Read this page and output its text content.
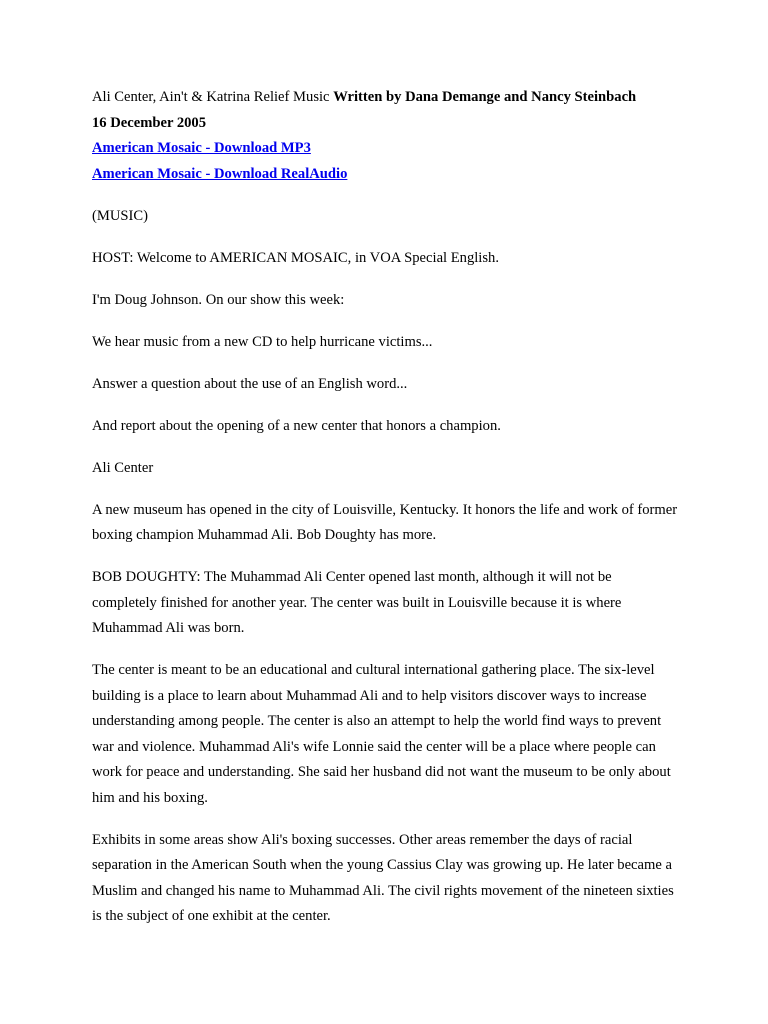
Ali Center, Ain't & Katrina Relief Music Written by Dana Demange and Nancy Steinbach

16 December 2005

American Mosaic - Download MP3

American Mosaic - Download RealAudio

(MUSIC)

HOST: Welcome to AMERICAN MOSAIC, in VOA Special English.

I'm Doug Johnson. On our show this week:

We hear music from a new CD to help hurricane victims...

Answer a question about the use of an English word...

And report about the opening of a new center that honors a champion.

Ali Center

A new museum has opened in the city of Louisville, Kentucky. It honors the life and work of former boxing champion Muhammad Ali. Bob Doughty has more.

BOB DOUGHTY: The Muhammad Ali Center opened last month, although it will not be completely finished for another year. The center was built in Louisville because it is where Muhammad Ali was born.

The center is meant to be an educational and cultural international gathering place. The six-level building is a place to learn about Muhammad Ali and to help visitors discover ways to increase understanding among people. The center is also an attempt to help the world find ways to prevent war and violence. Muhammad Ali's wife Lonnie said the center will be a place where people can work for peace and understanding. She said her husband did not want the museum to be only about him and his boxing.

Exhibits in some areas show Ali's boxing successes. Other areas remember the days of racial separation in the American South when the young Cassius Clay was growing up. He later became a Muslim and changed his name to Muhammad Ali. The civil rights movement of the nineteen sixties is the subject of one exhibit at the center.
